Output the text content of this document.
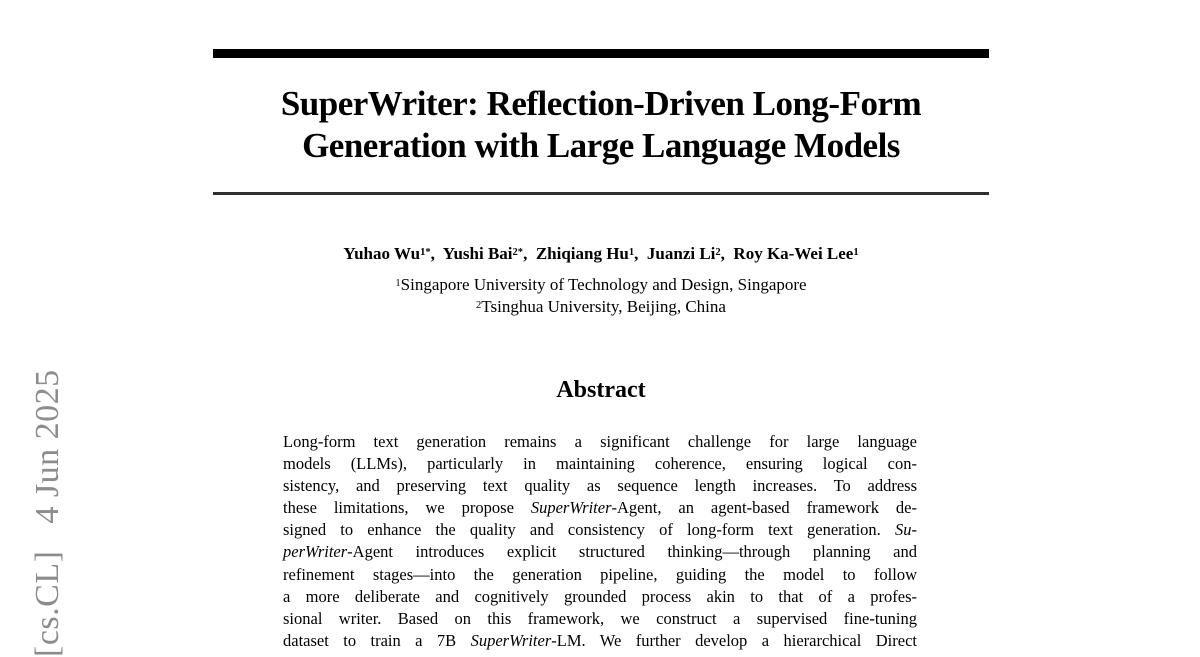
[cs.CL]   4 Jun 2025
SuperWriter: Reflection-Driven Long-Form
Generation with Large Language Models
Yuhao $Wu^{1*}$,  Yushi Bai$^{2*}$,  Zhiqiang Hu$^1$,  Juanzi Li$^2$,  Roy Ka-Wei Lee$^1$
$^1$Singapore University of Technology and Design, Singapore
$^2$Tsinghua University, Beijing, China
Abstract
Long-form text generation remains a significant challenge for large language
models (LLMs), particularly in maintaining coherence, ensuring logical con-
sistency, and preserving text quality as sequence length increases. To address
these limitations, we propose SuperWriter-Agent, an agent-based framework de-
signed to enhance the quality and consistency of long-form text generation. Su-
perWriter-Agent introduces explicit structured thinking—through planning and
refinement stages—into the generation pipeline, guiding the model to follow
a more deliberate and cognitively grounded process akin to that of a profes-
sional writer. Based on this framework, we construct a supervised fine-tuning
dataset to train a 7B SuperWriter-LM. We further develop a hierarchical Direct
